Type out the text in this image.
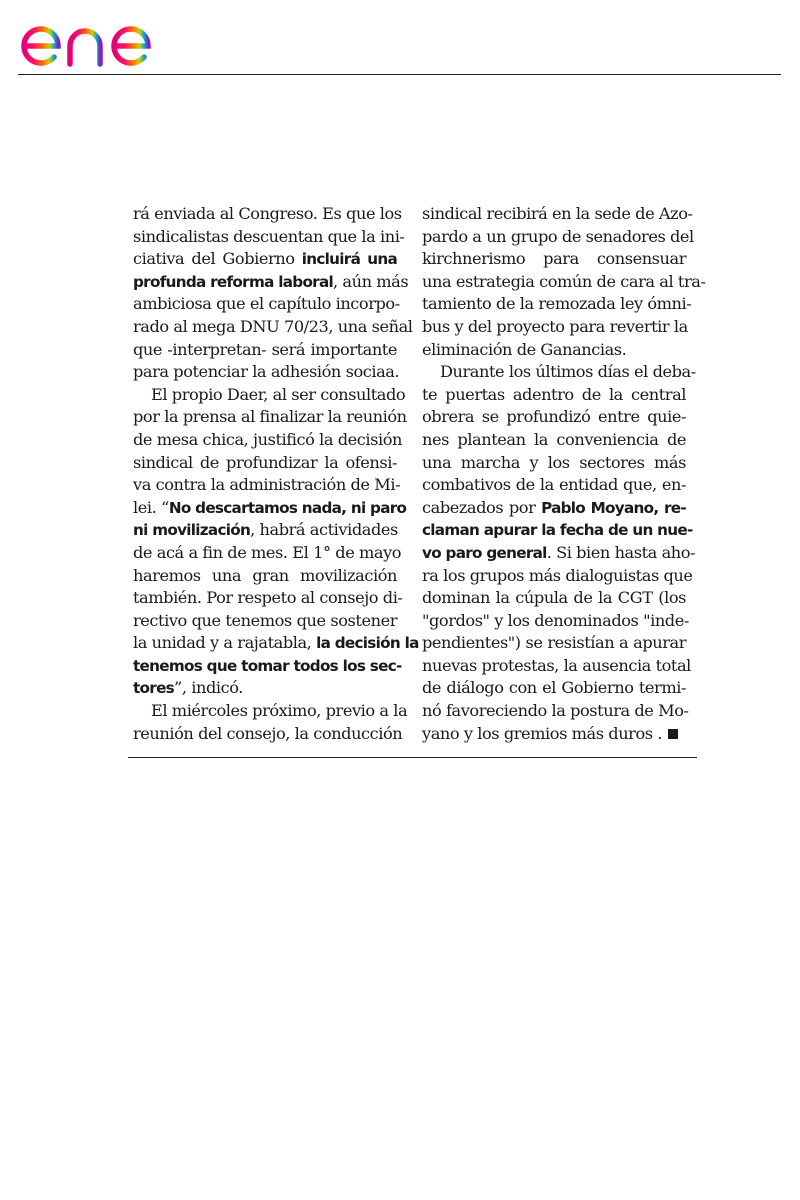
rá enviada al Congreso. Es que los
sindicalistas descuentan que la ini-
ciativa del Gobierno incluirá una
profunda reforma laboral, aún más
ambiciosa que el capítulo incorpo-
rado al mega DNU 70/23, una señal
que -interpretan- será importante
para potenciar la adhesión sociaa.

El propio Daer, al ser consultado
por la prensa al finalizar la reunión
de mesa chica, justificó la decisión
sindical de profundizar la ofensi-
va contra la administración de Mi-
lei. “No descartamos nada, ni paro
ni movilización, habrá actividades
de acá a fin de mes. El 1° de mayo
haremos una gran movilización
también. Por respeto al consejo di-
rectivo que tenemos que sostener
la unidad y a rajatabla, la decisión la
tenemos que tomar todos los sec-
tores”, indicó.

El miércoles próximo, previo a la
reunión del consejo, la conducción

sindical recibirá en la sede de Azo-
pardo a un grupo de senadores del
kirchnerismo para consensuar
una estrategia común de cara al tra-
tamiento de la remozada ley ómni-
bus y del proyecto para revertir la
eliminación de Ganancias.

Durante los últimos días el deba-
te puertas adentro de la central
obrera se profundizó entre quie-
nes plantean la conveniencia de
una marcha y los sectores más
combativos de la entidad que, en-
cabezados por Pablo Moyano, re-
claman apurar la fecha de un nue-
vo paro general. Si bien hasta aho-
ra los grupos más dialoguistas que
dominan la cúpula de la CGT (los
"gordos" y los denominados "inde-
pendientes") se resistían a apurar
nuevas protestas, la ausencia total
de diálogo con el Gobierno termi-
nó favoreciendo la postura de Mo-
yano y los gremios más duros .
